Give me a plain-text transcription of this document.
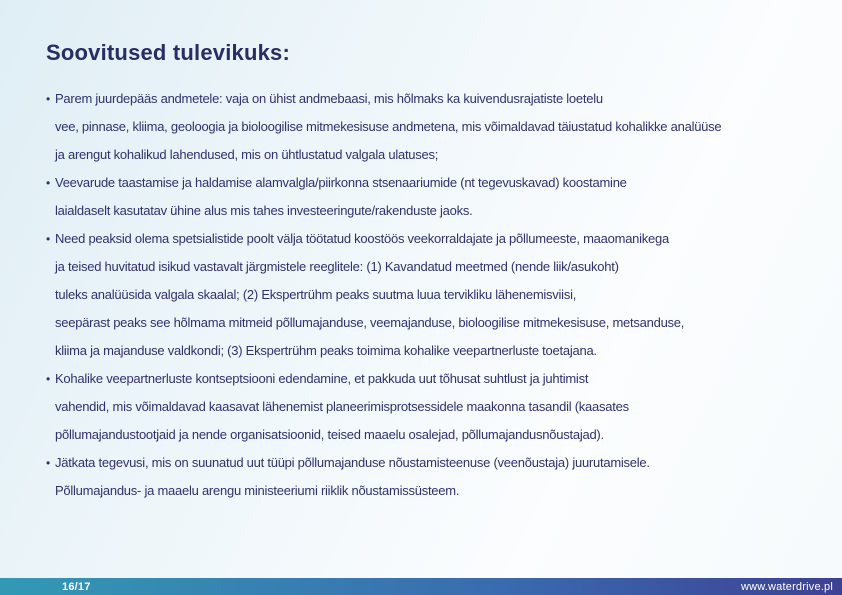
Soovitused tulevikuks:
• Parem juurdepääs andmetele: vaja on ühist andmebaasi, mis hõlmaks ka kuivendusrajatiste loetelu
vee, pinnase, kliima, geoloogia ja bioloogilise mitmekesisuse andmetena, mis võimaldavad täiustatud kohalikke analüüse
ja arengut kohalikud lahendused, mis on ühtlustatud valgala ulatuses;
• Veevarude taastamise ja haldamise alamvalgla/piirkonna stsenaariumide (nt tegevuskavad) koostamine
laialdaselt kasutatav ühine alus mis tahes investeeringute/rakenduste jaoks.
• Need peaksid olema spetsialistide poolt välja töötatud koostöös veekorraldajate ja põllumeeste, maaomanikega
ja teised huvitatud isikud vastavalt järgmistele reeglitele: (1) Kavandatud meetmed (nende liik/asukoht)
tuleks analüüsida valgala skaalal; (2) Ekspertrühm peaks suutma luua tervikliku lähenemisviisi,
seepärast peaks see hõlmama mitmeid põllumajanduse, veemajanduse, bioloogilise mitmekesisuse, metsanduse,
kliima ja majanduse valdkondi; (3) Ekspertrühm peaks toimima kohalike veepartnerluste toetajana.
• Kohalike veepartnerluste kontseptsiooni edendamine, et pakkuda uut tõhusat suhtlust ja juhtimist
vahendid, mis võimaldavad kaasavat lähenemist planeerimisprotsessidele maakonna tasandil (kaasates
põllumajandustootjaid ja nende organisatsioonid, teised maaelu osalejad, põllumajandusnõustajad).
• Jätkata tegevusi, mis on suunatud uut tüüpi põllumajanduse nõustamisteenuse (veenõustaja) juurutamisele.
Põllumajandus- ja maaelu arengu ministeeriumi riiklik nõustamissüsteem.
16/17	www.waterdrive.pl
